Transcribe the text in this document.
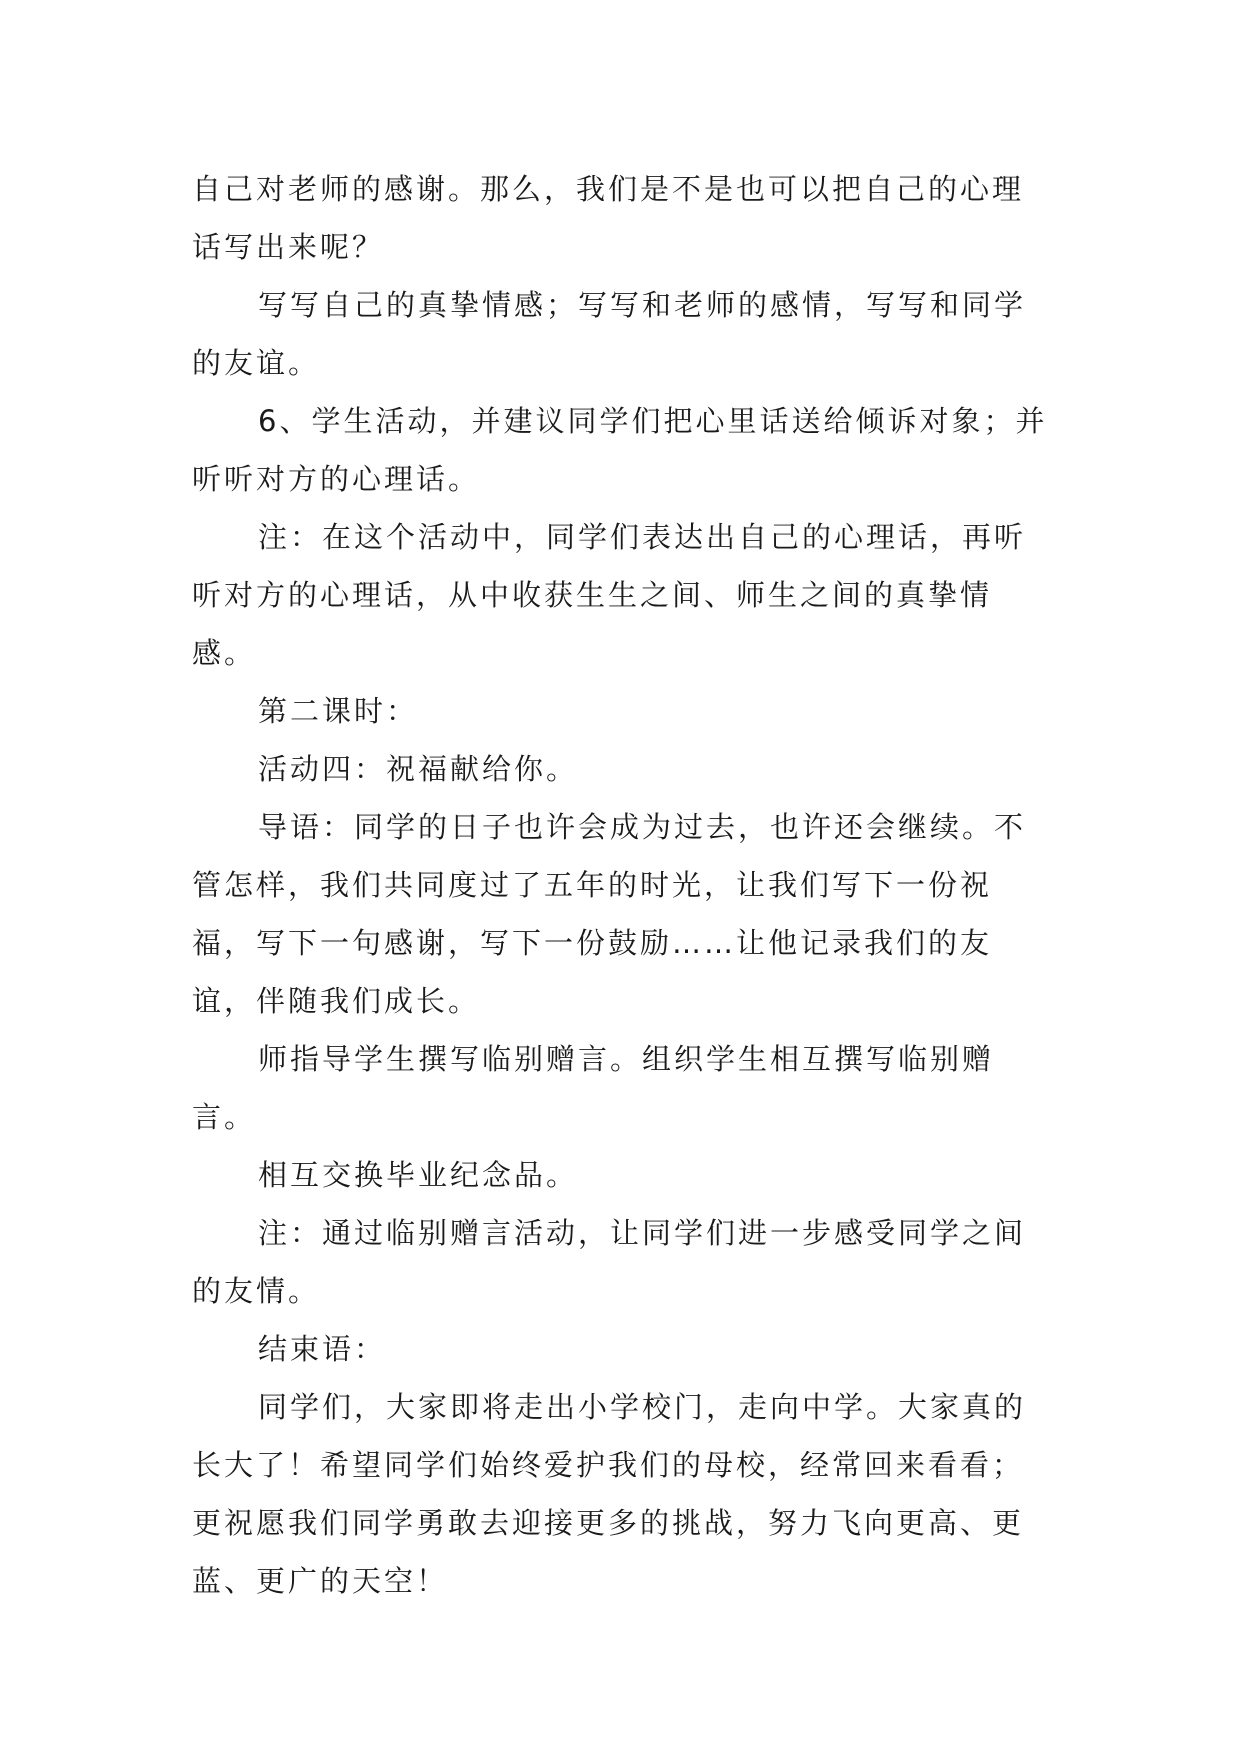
自己对老师的感谢。那么，我们是不是也可以把自己的心理话写出来呢？

写写自己的真挚情感；写写和老师的感情，写写和同学的友谊。

6、学生活动，并建议同学们把心里话送给倾诉对象；并听听对方的心理话。

注：在这个活动中，同学们表达出自己的心理话，再听听对方的心理话，从中收获生生之间、师生之间的真挚情感。

第二课时：

活动四：祝福献给你。

导语：同学的日子也许会成为过去，也许还会继续。不管怎样，我们共同度过了五年的时光，让我们写下一份祝福，写下一句感谢，写下一份鼓励……让他记录我们的友谊，伴随我们成长。

师指导学生撰写临别赠言。组织学生相互撰写临别赠言。

相互交换毕业纪念品。

注：通过临别赠言活动，让同学们进一步感受同学之间的友情。

结束语：

同学们，大家即将走出小学校门，走向中学。大家真的长大了！希望同学们始终爱护我们的母校，经常回来看看；更祝愿我们同学勇敢去迎接更多的挑战，努力飞向更高、更蓝、更广的天空！
